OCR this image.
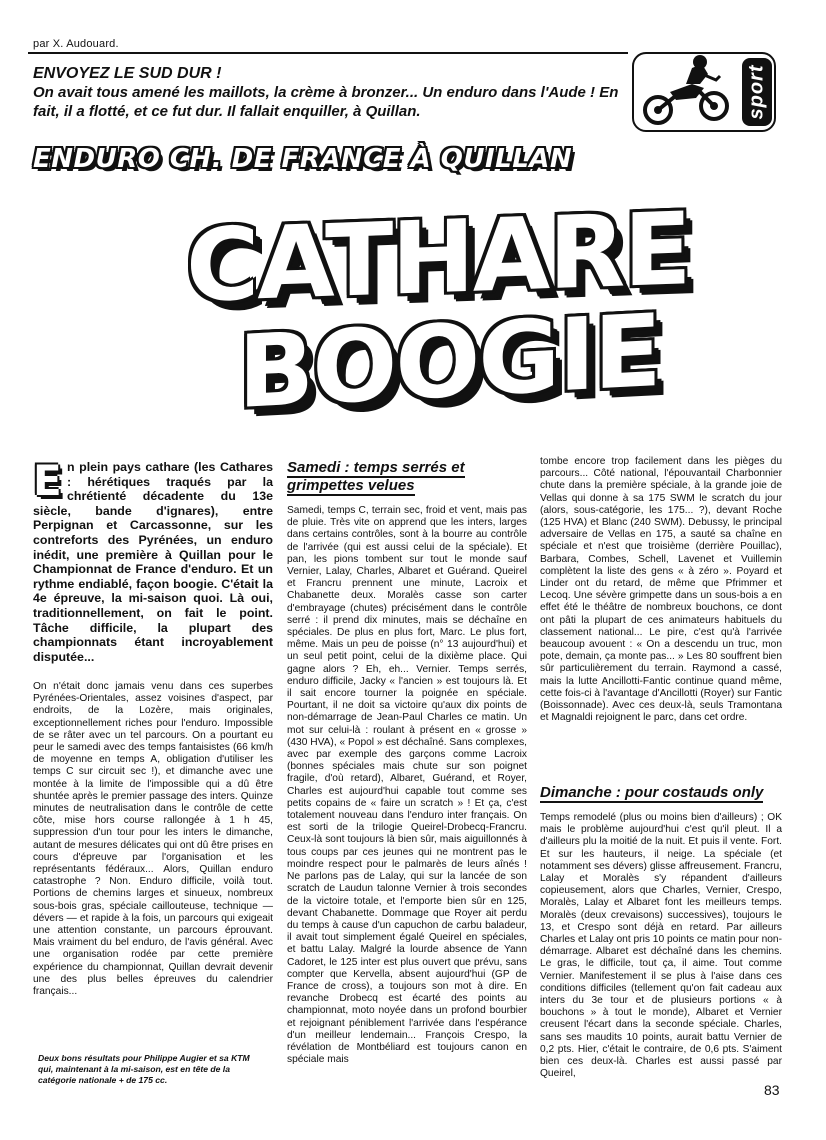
par X. Audouard.
ENVOYEZ LE SUD DUR !
On avait tous amené les maillots, la crème à bronzer... Un enduro dans l'Aude ! En fait, il a flotté, et ce fut dur. Il fallait enquiller, à Quillan.	sport
ENDURO CH. DE FRANCE À QUILLAN
CATHARE
BOOGIE
E n plein pays cathare (les Cathares : hérétiques traqués par la chrétienté décadente du 13e siècle, bande d'ignares), entre Perpignan et Carcassonne, sur les contreforts des Pyrénées, un enduro inédit, une première à Quillan pour le Championnat de France d'enduro. Et un rythme endiablé, façon boogie. C'était la 4e épreuve, la mi-saison quoi. Là oui, traditionnellement, on fait le point. Tâche difficile, la plupart des championnats étant incroyablement disputée...

On n'était donc jamais venu dans ces superbes Pyrénées-Orientales, assez voisines d'aspect, par endroits, de la Lozère, mais originales, exceptionnellement riches pour l'enduro. Impossible de se râter avec un tel parcours. On a pourtant eu peur le samedi avec des temps fantaisistes (66 km/h de moyenne en temps A, obligation d'utiliser les temps C sur circuit sec !), et dimanche avec une montée à la limite de l'impossible qui a dû être shuntée après le premier passage des inters. Quinze minutes de neutralisation dans le contrôle de cette côte, mise hors course rallongée à 1 h 45, suppression d'un tour pour les inters le dimanche, autant de mesures délicates qui ont dû être prises en cours d'épreuve par l'organisation et les représentants fédéraux... Alors, Quillan enduro catastrophe ? Non. Enduro difficile, voilà tout. Portions de chemins larges et sinueux, nombreux sous-bois gras, spéciale caillouteuse, technique — dévers — et rapide à la fois, un parcours qui exigeait une attention constante, un parcours éprouvant. Mais vraiment du bel enduro, de l'avis général. Avec une organisation rodée par cette première expérience du championnat, Quillan devrait devenir une des plus belles épreuves du calendrier français...

Samedi : temps serrés et grimpettes velues

Samedi, temps C, terrain sec, froid et vent, mais pas de pluie. Très vite on apprend que les inters, larges dans certains contrôles, sont à la bourre au contrôle de l'arrivée (qui est aussi celui de la spéciale). Et pan, les pions tombent sur tout le monde sauf Vernier, Lalay, Charles, Albaret et Guérand. Queirel et Francru prennent une minute, Lacroix et Chabanette deux. Moralès casse son carter d'embrayage (chutes) précisément dans le contrôle serré : il prend dix minutes, mais se déchaîne en spéciales. De plus en plus fort, Marc. Le plus fort, même. Mais un peu de poisse (n° 13 aujourd'hui) et un seul petit point, celui de la dixième place. Qui gagne alors ? Eh, eh... Vernier. Temps serrés, enduro difficile, Jacky « l'ancien » est toujours là. Et il sait encore tourner la poignée en spéciale. Pourtant, il ne doit sa victoire qu'aux dix points de non-démarrage de Jean-Paul Charles ce matin. Un mot sur celui-là : roulant à présent en « grosse » (430 HVA), « Popol » est déchaîné. Sans complexes, avec par exemple des garçons comme Lacroix (bonnes spéciales mais chute sur son poignet fragile, d'où retard), Albaret, Guérand, et Royer, Charles est aujourd'hui capable tout comme ses petits copains de « faire un scratch » ! Et ça, c'est totalement nouveau dans l'enduro inter français. On est sorti de la trilogie Queirel-Drobecq-Francru. Ceux-là sont toujours là bien sûr, mais aiguillonnés à tous coups par ces jeunes qui ne montrent pas le moindre respect pour le palmarès de leurs aînés ! Ne parlons pas de Lalay, qui sur la lancée de son scratch de Laudun talonne Vernier à trois secondes de la victoire totale, et l'emporte bien sûr en 125, devant Chabanette. Dommage que Royer ait perdu du temps à cause d'un capuchon de carbu baladeur, il avait tout simplement égalé Queirel en spéciales, et battu Lalay. Malgré la lourde absence de Yann Cadoret, le 125 inter est plus ouvert que prévu, sans compter que Kervella, absent aujourd'hui (GP de France de cross), a toujours son mot à dire. En revanche Drobecq est écarté des points au championnat, moto noyée dans un profond bourbier et rejoignant péniblement l'arrivée dans l'espérance d'un meilleur lendemain... François Crespo, la révélation de Montbéliard est toujours canon en spéciale mais

tombe encore trop facilement dans les pièges du parcours... Côté national, l'épouvantail Charbonnier chute dans la première spéciale, à la grande joie de Vellas qui donne à sa 175 SWM le scratch du jour (alors, sous-catégorie, les 175... ?), devant Roche (125 HVA) et Blanc (240 SWM). Debussy, le principal adversaire de Vellas en 175, a sauté sa chaîne en spéciale et n'est que troisième (derrière Pouillac), Barbara, Combes, Schell, Lavenet et Vuillemin complètent la liste des gens « à zéro ». Poyard et Linder ont du retard, de même que Pfrimmer et Lecoq. Une sévère grimpette dans un sous-bois a en effet été le théâtre de nombreux bouchons, ce dont ont pâti la plupart de ces animateurs habituels du classement national... Le pire, c'est qu'à l'arrivée beaucoup avouent : « On a descendu un truc, mon pote, demain, ça monte pas... » Les 80 souffrent bien sûr particulièrement du terrain. Raymond a cassé, mais la lutte Ancillotti-Fantic continue quand même, cette fois-ci à l'avantage d'Ancillotti (Royer) sur Fantic (Boissonnade). Avec ces deux-là, seuls Tramontana et Magnaldi rejoignent le parc, dans cet ordre.

Dimanche : pour costauds only

Temps remodelé (plus ou moins bien d'ailleurs) ; OK mais le problème aujourd'hui c'est qu'il pleut. Il a d'ailleurs plu la moitié de la nuit. Et puis il vente. Fort. Et sur les hauteurs, il neige. La spéciale (et notamment ses dévers) glisse affreusement. Francru, Lalay et Moralès s'y répandent d'ailleurs copieusement, alors que Charles, Vernier, Crespo, Moralès, Lalay et Albaret font les meilleurs temps. Moralès (deux crevaisons) successives), toujours le 13, et Crespo sont déjà en retard. Par ailleurs Charles et Lalay ont pris 10 points ce matin pour non-démarrage. Albaret est déchaîné dans les chemins. Le gras, le difficile, tout ça, il aime. Tout comme Vernier. Manifestement il se plus à l'aise dans ces conditions difficiles (tellement qu'on fait cadeau aux inters du 3e tour et de plusieurs portions « à bouchons » à tout le monde), Albaret et Vernier creusent l'écart dans la seconde spéciale. Charles, sans ses maudits 10 points, aurait battu Vernier de 0,2 pts. Hier, c'était le contraire, de 0,6 pts. S'aiment bien ces deux-là. Charles est aussi passé par Queirel,

Deux bons résultats pour Philippe Augier et sa KTM qui, maintenant à la mi-saison, est en tête de la catégorie nationale + de 175 cc.
83
